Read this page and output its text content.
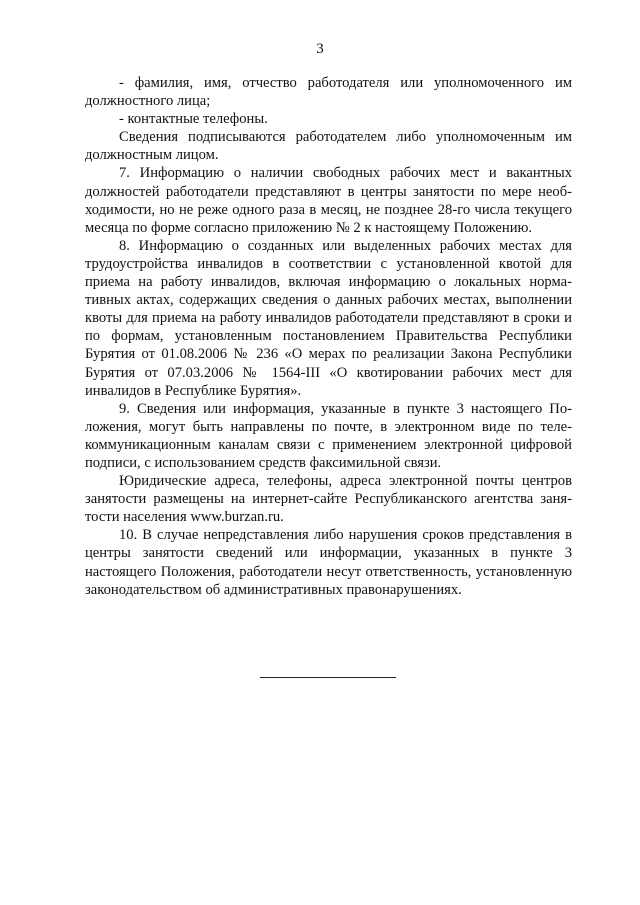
3

- фамилия, имя, отчество работодателя или уполномоченного им должностного лица;

- контактные телефоны.

Сведения подписываются работодателем либо уполномоченным им должностным лицом.

7. Информацию о наличии свободных рабочих мест и вакантных должностей работодатели представляют в центры занятости по мере необходимости, но не реже одного раза в месяц, не позднее 28-го числа текущего месяца по форме согласно приложению № 2 к настоящему Положению.

8. Информацию о созданных или выделенных рабочих местах для трудоустройства инвалидов в соответствии с установленной квотой для приема на работу инвалидов, включая информацию о локальных нормативных актах, содержащих сведения о данных рабочих местах, выполнении квоты для приема на работу инвалидов работодатели представляют в сроки и по формам, установленным постановлением Правительства Республики Бурятия от 01.08.2006 № 236 «О мерах по реализации Закона Республики Бурятия от 07.03.2006 № 1564-III «О квотировании рабочих мест для инвалидов в Республике Бурятия».

9. Сведения или информация, указанные в пункте 3 настоящего Положения, могут быть направлены по почте, в электронном виде по телекоммуникационным каналам связи с применением электронной цифровой подписи, с использованием средств факсимильной связи.

Юридические адреса, телефоны, адреса электронной почты центров занятости размещены на интернет-сайте Республиканского агентства занятости населения www.burzan.ru.

10. В случае непредставления либо нарушения сроков представления в центры занятости сведений или информации, указанных в пункте 3 настоящего Положения, работодатели несут ответственность, установленную законодательством об административных правонарушениях.
